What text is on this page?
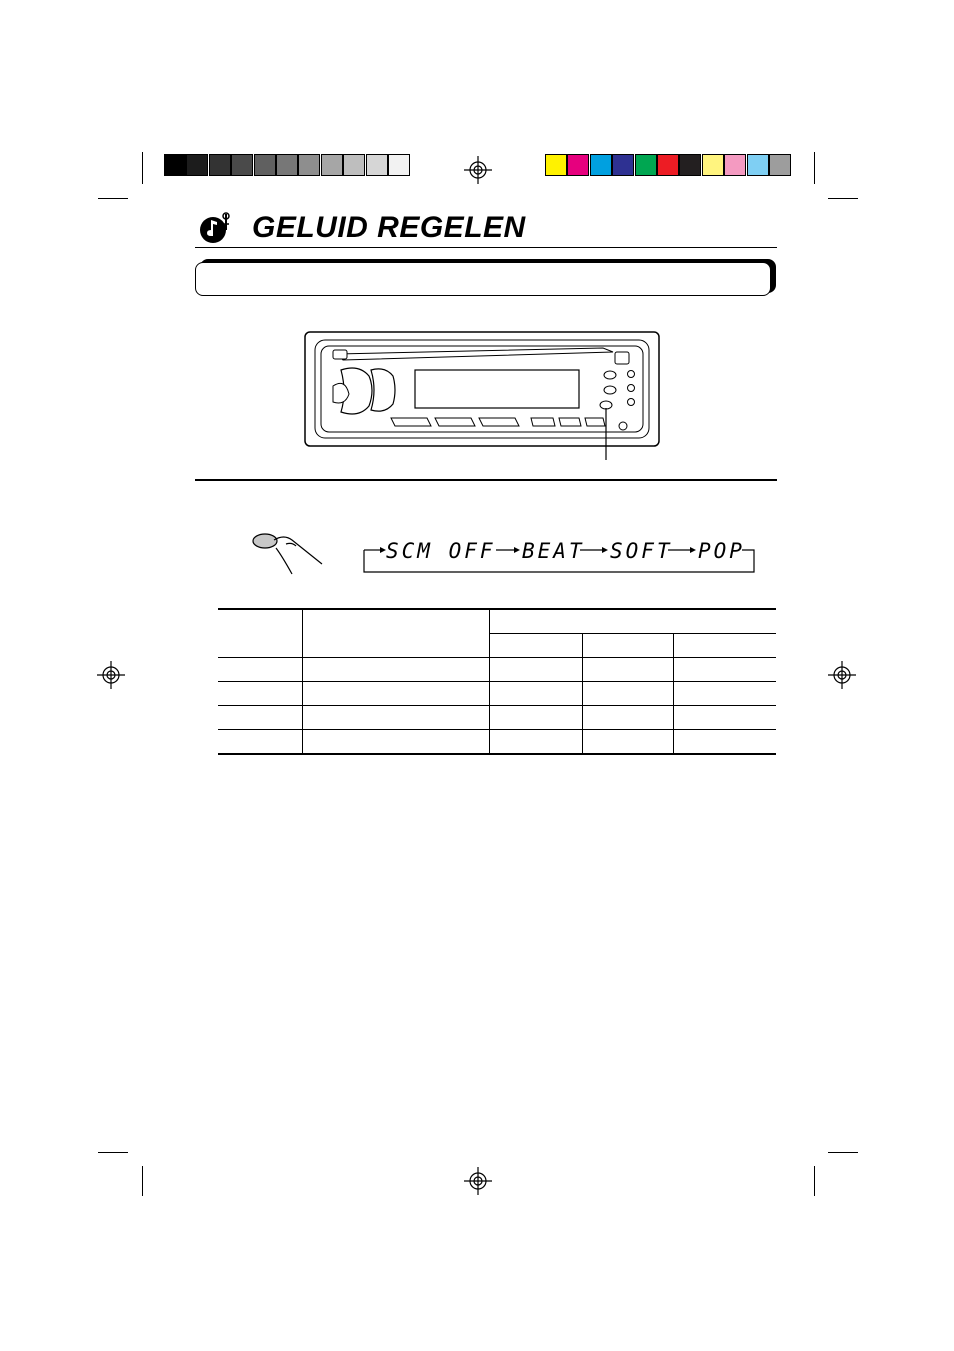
GELUID REGELEN
SCM OFF BEAT SOFT POP
